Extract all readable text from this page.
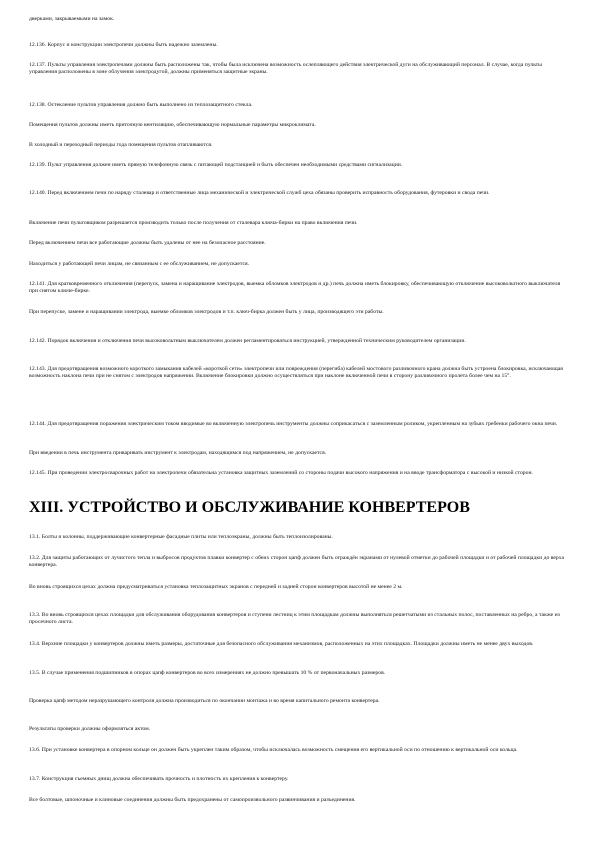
дверками, закрываемыми на замок.

12.136. Корпус и конструкции электропечи должны быть надежно заземлены.

12.137. Пульты управления электропечами должны быть расположены так, чтобы была исключена возможность ослепляющего действия электрической дуги на обслуживающий персонал. В случае, когда пульты управления расположены в зоне облучения электродугой, должны применяться защитные экраны.

12.138. Остекление пультов управления должно быть выполнено из теплозащитного стекла.

Помещения пультов должны иметь приточную вентиляцию, обеспечивающую нормальные параметры микроклимата.

В холодный и переходный периоды года помещения пультов отапливаются.

12.139. Пульт управления должен иметь прямую телефонную связь с питающей подстанцией и быть обеспечен необходимыми средствами сигнализации.

12.140. Перед включением печи по наряду сталевар и ответственные лица механической и электрической служб цеха обязаны проверить исправность оборудования, футеровки и свода печи.

Включение печи пультовщиком разрешается производить только после получения от сталевара ключа-бирки на право включения печи.

Перед включением печи все работающие должны быть удалены от нее на безопасное расстояние.

Находиться у работающей печи лицам, не связанным с ее обслуживанием, не допускается.

12.141. Для кратковременного отключения (перепуск, замена и наращивание электродов, выемка обломков электродов и др.) печь должна иметь блокировку, обеспечивающую отключение высоковольтного выключателя при снятом ключе-бирке.

При перепуске, замене и наращивании электрода, выемке обломков электродов и т.п. ключ-бирка должен быть у лица, производящего эти работы.

12.142. Порядок включения и отключения печи высоковольтным выключателем должен регламентироваться инструкцией, утвержденной техническим руководителем организации.

12.143. Для предотвращения возможного короткого замыкания кабелей «короткой сети» электропечи или повреждения (перегиба) кабелей мостового разливочного крана должна быть устроена блокировка, исключающая возможность наклона печи при не снятом с электродов напряжении. Включение блокировки должно осуществляться при наклоне включенной печи в сторону разливочного пролета более чем на 15°.

12.144. Для предотвращения поражения электрическим током вводимые во включенную электропечь инструменты должны соприкасаться с заземленным роликом, укрепленным на зубьях гребенки рабочего окна печи.

При введении в печь инструмента приваривать инструмент к электродам, находящимся под напряжением, не допускается.

12.145. При проведении электросварочных работ на электропечи обязательна установка защитных заземлений со стороны подачи высокого напряжения и на вводе трансформатора с высокой и низкой сторон.

XIII. УСТРОЙСТВО И ОБСЛУЖИВАНИЕ КОНВЕРТЕРОВ

13.1. Болты и колонны, поддерживающие конвертерные фасадные плиты или теплоэкраны, должны быть теплоизолированы.

13.2. Для защиты работающих от лучистого тепла и выбросов продуктов плавки конвертер с обеих сторон цапф должен быть ограждён экранами от нулевой отметки до рабочей площадки и от рабочей площадки до верха конвертера.

Во вновь строящихся цехах должна предусматриваться установка теплозащитных экранов с передней и задней сторон конвертеров высотой не менее 2 м.

13.3. Во вновь строящихся цехах площадки для обслуживания оборудования конвертеров и ступени лестниц к этим площадкам должны выполняться решетчатыми из стальных полос, поставленных на ребро, а также из просечного листа.

13.4. Верхние площадки у конвертеров должны иметь размеры, достаточные для безопасного обслуживания механизмов, расположенных на этих площадках. Площадки должны иметь не менее двух выходов.

13.5. В случае применения подшипников в опорах цапф конвертеров во всех измерениях не должно превышать 10 % от первоначальных размеров.

Проверка цапф методом неразрушающего контроля должна производиться по окончании монтажа и во время капитального ремонта конвертера.

Результаты проверки должны оформляться актом.

13.6. При установке конвертера в опорном кольце он должен быть укреплен таким образом, чтобы исключалась возможность смещения его вертикальной оси по отношению к вертикальной оси кольца.

13.7. Конструкция съемных днищ должна обеспечивать прочность и плотность их крепления к конвертеру.

Все болтовые, шпоночные и клиновые соединения должны быть предохранены от самопроизвольного развинчивания и разъединения.
